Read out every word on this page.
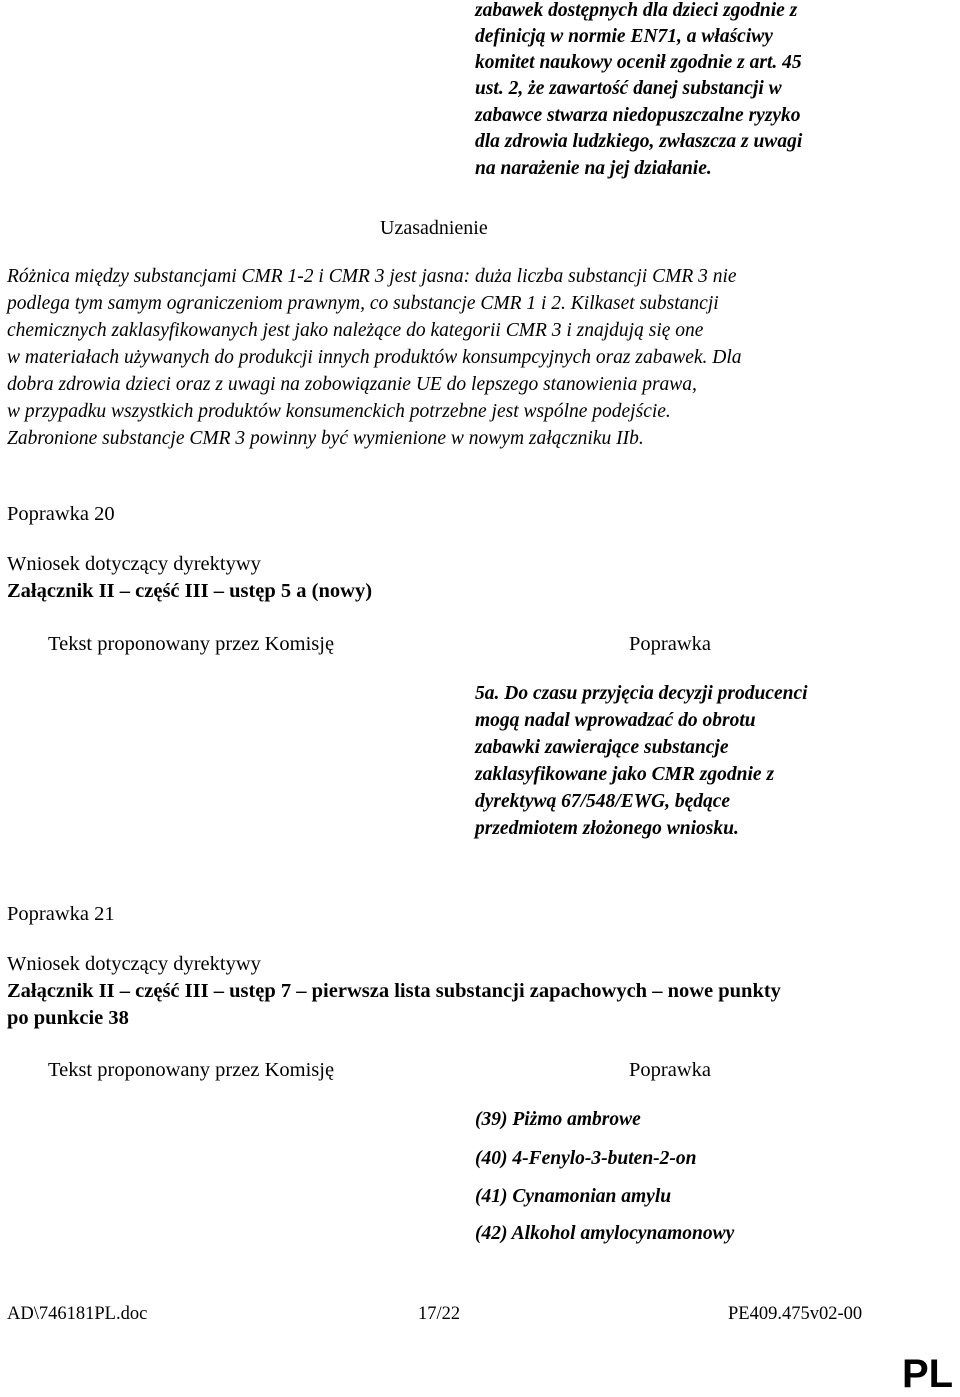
zabawek dostępnych dla dzieci zgodnie z
definicją w normie EN71, a właściwy
komitet naukowy ocenił zgodnie z art. 45
ust. 2, że zawartość danej substancji w
zabawce stwarza niedopuszczalne ryzyko
dla zdrowia ludzkiego, zwłaszcza z uwagi
na narażenie na jej działanie.
Uzasadnienie
Różnica między substancjami CMR 1-2 i CMR 3 jest jasna: duża liczba substancji CMR 3 nie
podlega tym samym ograniczeniom prawnym, co substancje CMR 1 i 2. Kilkaset substancji
chemicznych zaklasyfikowanych jest jako należące do kategorii CMR 3 i znajdują się one
w materiałach używanych do produkcji innych produktów konsumpcyjnych oraz zabawek. Dla
dobra zdrowia dzieci oraz z uwagi na zobowiązanie UE do lepszego stanowienia prawa,
w przypadku wszystkich produktów konsumenckich potrzebne jest wspólne podejście.
Zabronione substancje CMR 3 powinny być wymienione w nowym załączniku IIb.
Poprawka 20
Wniosek dotyczący dyrektywy
Załącznik II – część III – ustęp 5 a (nowy)
Tekst proponowany przez Komisję	Poprawka
5a. Do czasu przyjęcia decyzji producenci
mogą nadal wprowadzać do obrotu
zabawki zawierające substancje
zaklasyfikowane jako CMR zgodnie z
dyrektywą 67/548/EWG, będące
przedmiotem złożonego wniosku.
Poprawka 21
Wniosek dotyczący dyrektywy
Załącznik II – część III – ustęp 7 – pierwsza lista substancji zapachowych – nowe punkty
po punkcie 38
Tekst proponowany przez Komisję	Poprawka
(39) Piżmo ambrowe
(40) 4-Fenylo-3-buten-2-on
(41) Cynamonian amylu
(42) Alkohol amylocynamonowy
AD\746181PL.doc	17/22	PE409.475v02-00
PL
